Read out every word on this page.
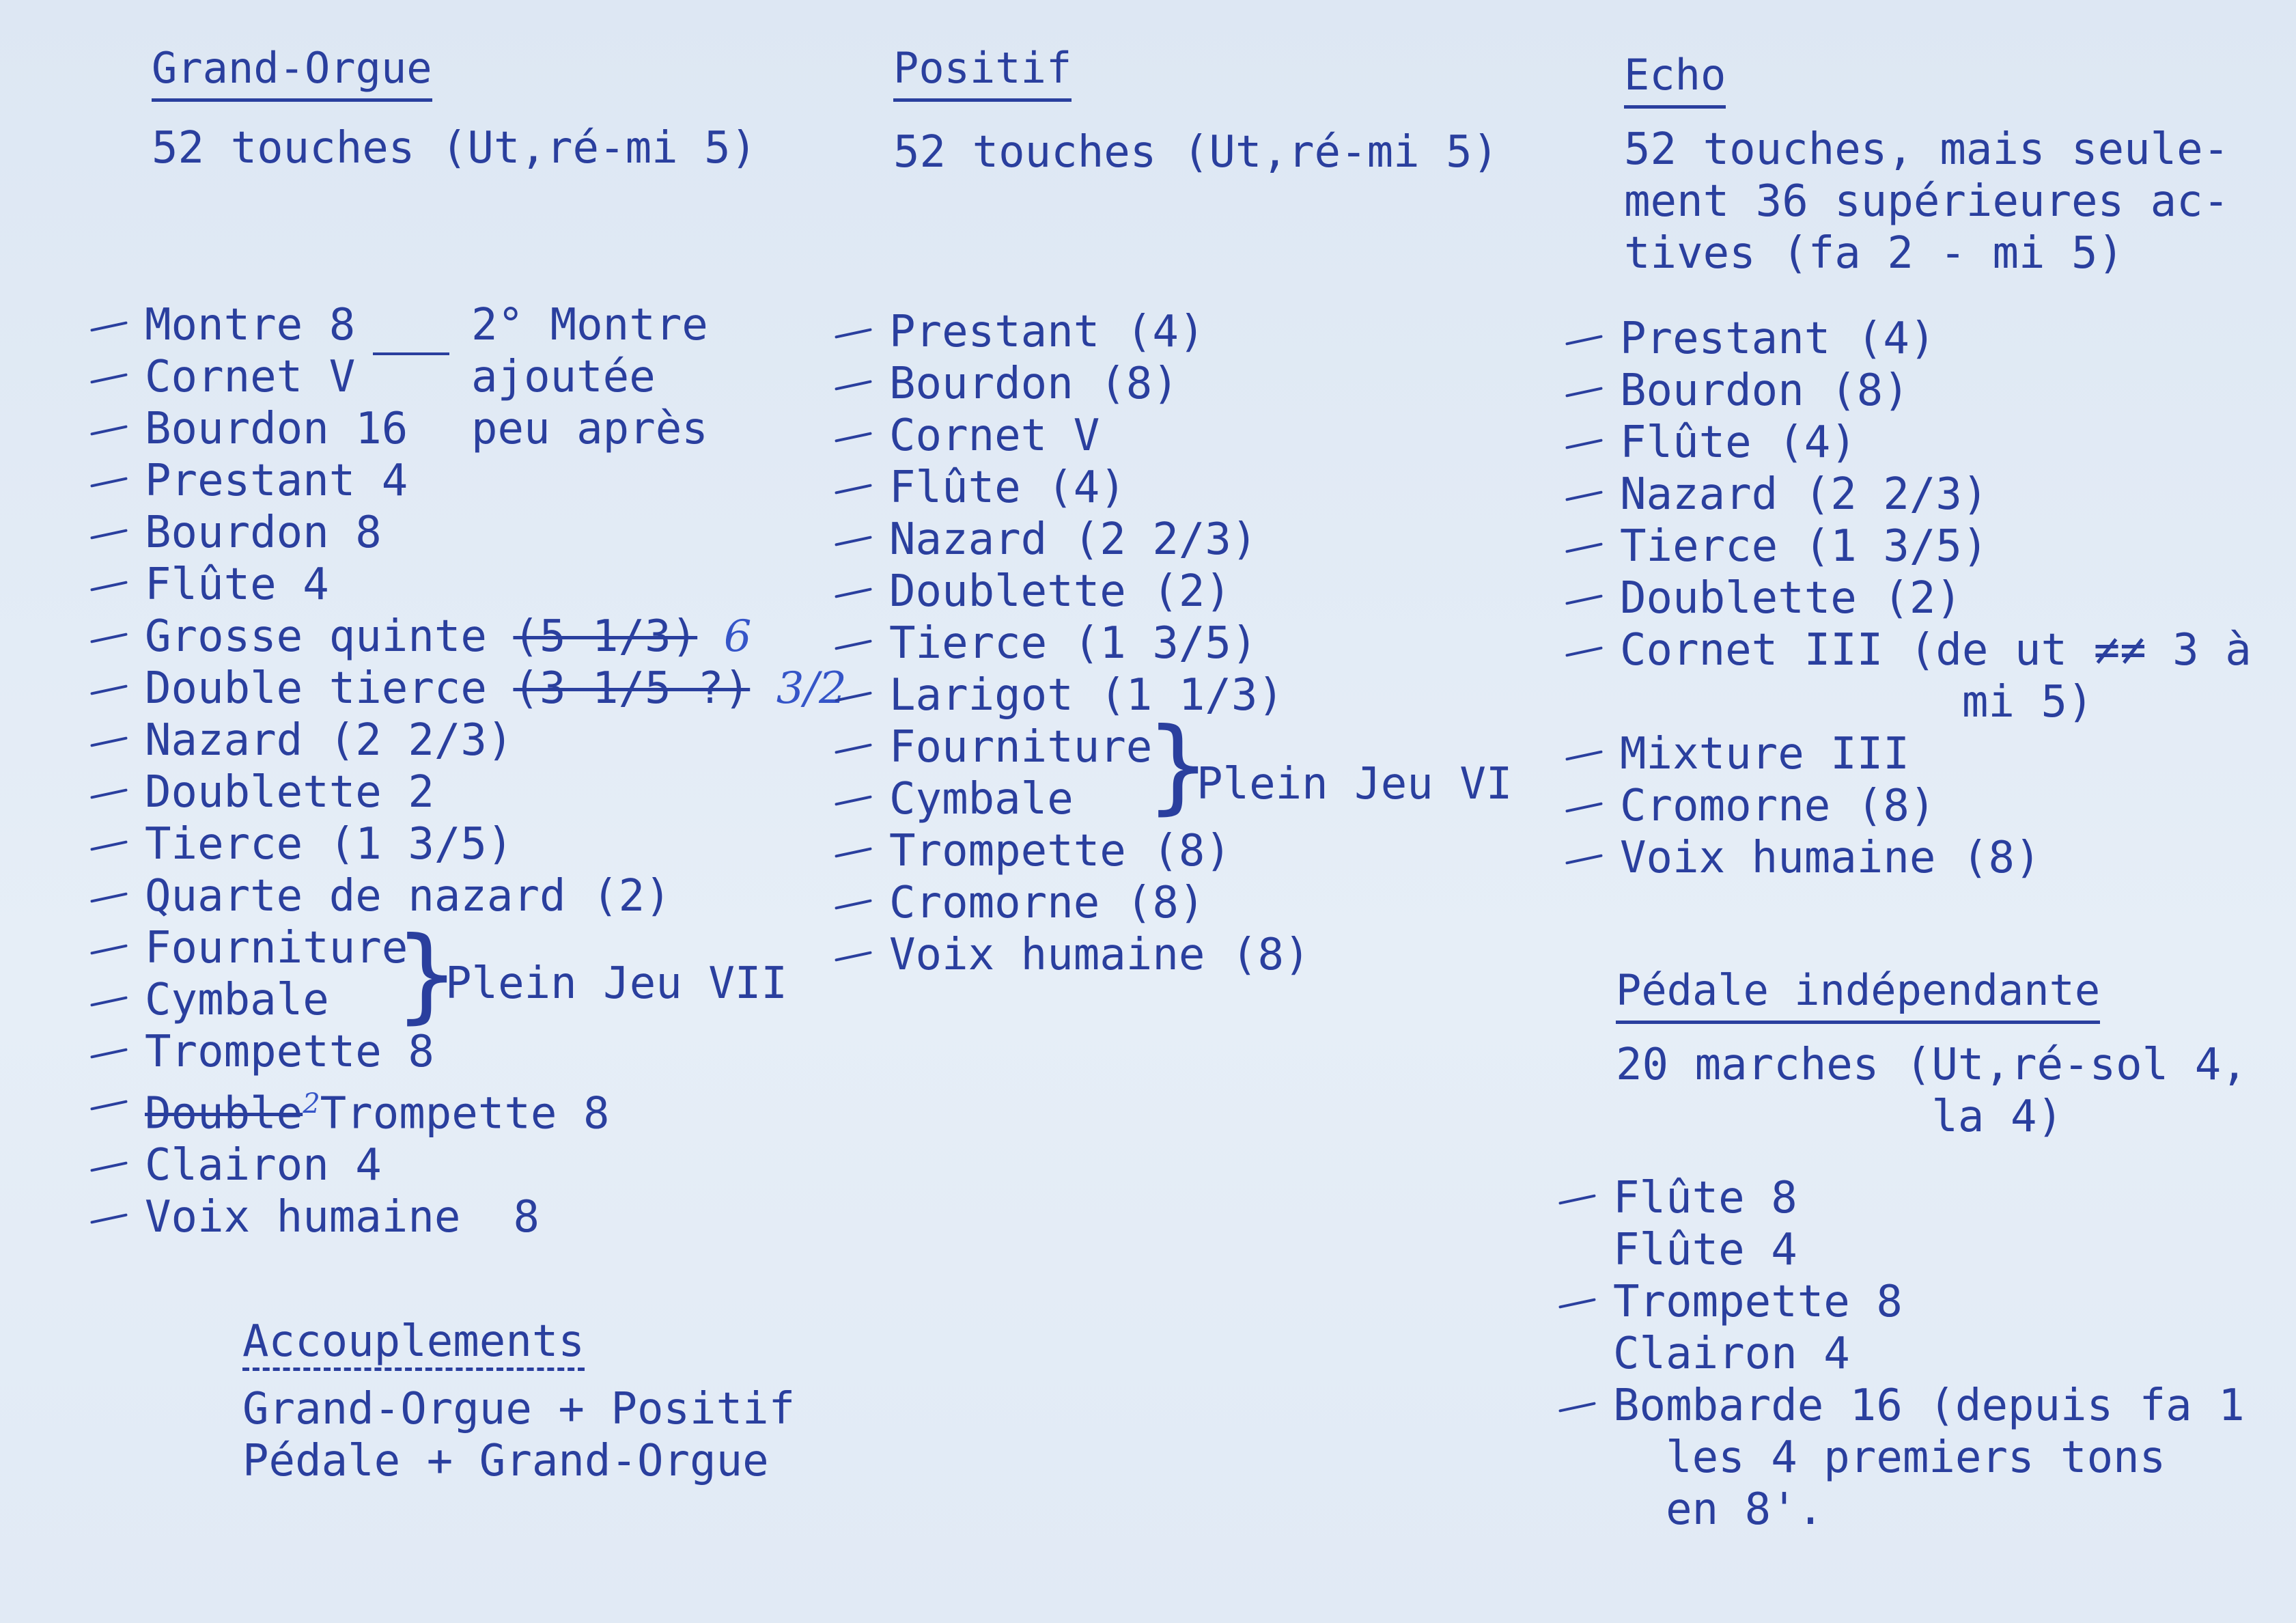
Grand-Orgue
52 touches (Ut,ré-mi 5)
Montre 8
Cornet V
Bourdon 16
Prestant 4
Bourdon 8
Flûte 4
Grosse quinte (5 1/3) 6
Double tierce (3 1/5 ?) 3/2
Nazard (2 2/3)
Doublette 2
Tierce (1 3/5)
Quarte de nazard (2)
Fourniture
Cymbale
Trompette 8
Double$^2$Trompette 8
Clairon 4
Voix humaine  8
2° Montre
ajoutée
peu après
}
Plein Jeu VII
Accouplements
Grand-Orgue + Positif
Pédale + Grand-Orgue
Positif
52 touches (Ut,ré-mi 5)
Prestant (4)
Bourdon (8)
Cornet V
Flûte (4)
Nazard (2 2/3)
Doublette (2)
Tierce (1 3/5)
Larigot (1 1/3)
Fourniture
Cymbale
Trompette (8)
Cromorne (8)
Voix humaine (8)
}
Plein Jeu VI
Echo
52 touches, mais seule-
ment 36 supérieures ac-
tives (fa 2 - mi 5)
Prestant (4)
Bourdon (8)
Flûte (4)
Nazard (2 2/3)
Tierce (1 3/5)
Doublette (2)
Cornet III (de ut ≠≠ 3 à
mi 5)
Mixture III
Cromorne (8)
Voix humaine (8)
Pédale indépendante
20 marches (Ut,ré-sol 4,
la 4)
Flûte 8
Flûte 4
Trompette 8
Clairon 4
Bombarde 16 (depuis fa 1
les 4 premiers tons
en 8'.
